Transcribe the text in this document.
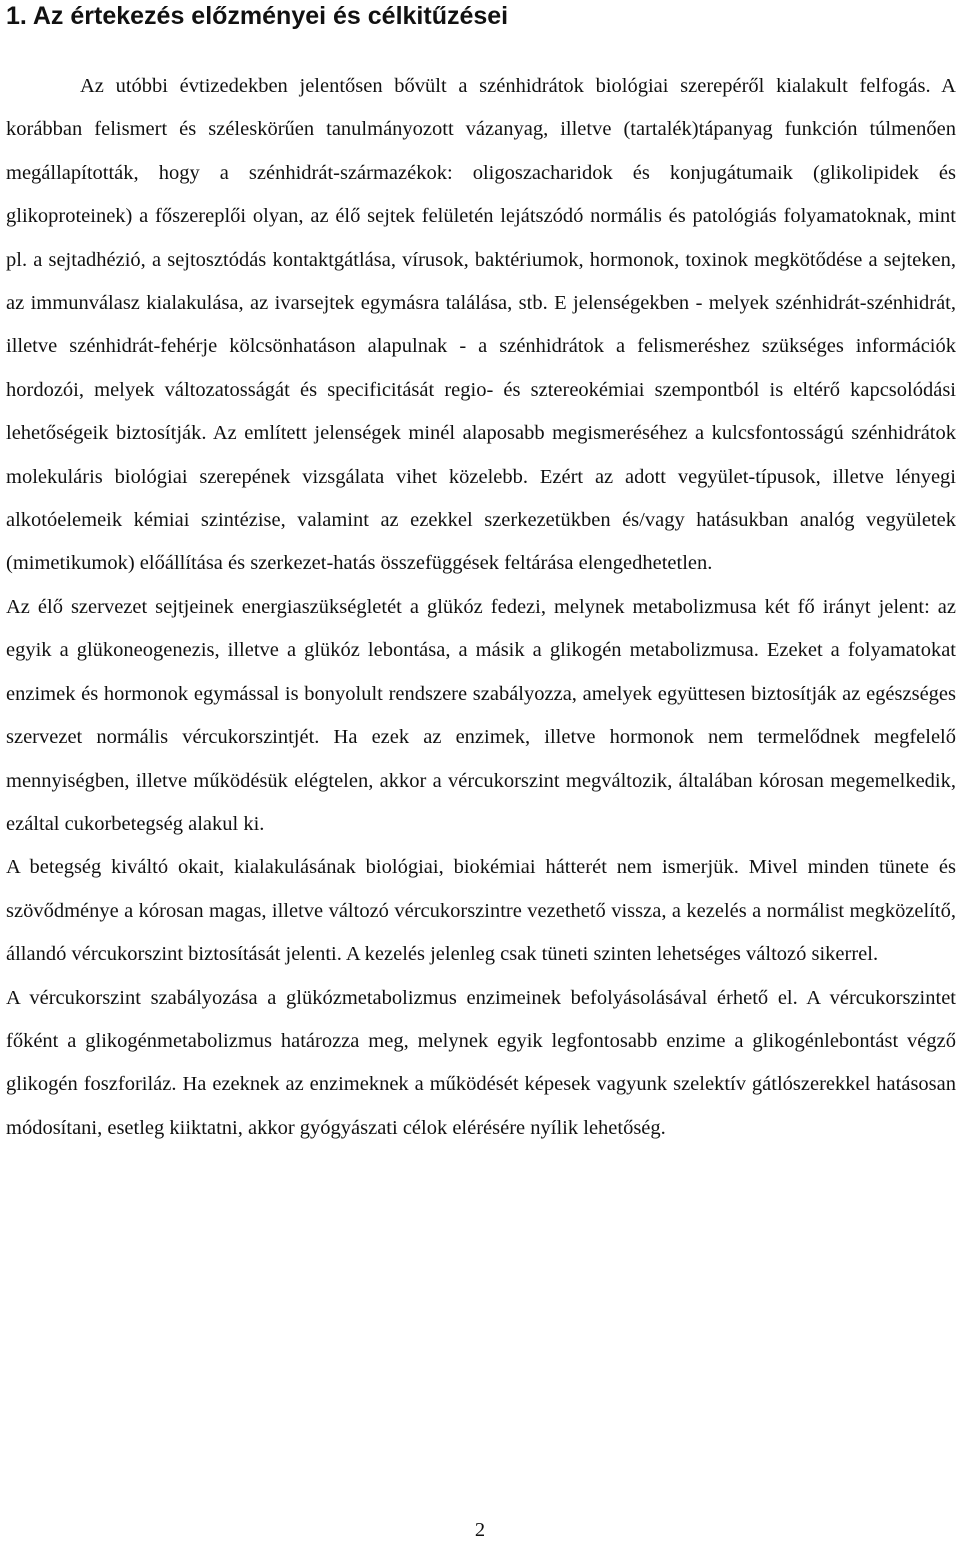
1. Az értekezés előzményei és célkitűzései

Az utóbbi évtizedekben jelentősen bővült a szénhidrátok biológiai szerepéről kialakult felfogás. A korábban felismert és széleskörűen tanulmányozott vázanyag, illetve (tartalék)tápanyag funkción túlmenően megállapították, hogy a szénhidrát-származékok: oligoszacharidok és konjugátumaik (glikolipidek és glikoproteinek) a főszereplői olyan, az élő sejtek felületén lejátszódó normális és patológiás folyamatoknak, mint pl. a sejtadhézió, a sejtosztódás kontaktgátlása, vírusok, baktériumok, hormonok, toxinok megkötődése a sejteken, az immunválasz kialakulása, az ivarsejtek egymásra találása, stb. E jelenségekben - melyek szénhidrát-szénhidrát, illetve szénhidrát-fehérje kölcsönhatáson alapulnak - a szénhidrátok a felismeréshez szükséges információk hordozói, melyek változatosságát és specificitását regio- és sztereokémiai szempontból is eltérő kapcsolódási lehetőségeik biztosítják. Az említett jelenségek minél alaposabb megismeréséhez a kulcsfontosságú szénhidrátok molekuláris biológiai szerepének vizsgálata vihet közelebb. Ezért az adott vegyület-típusok, illetve lényegi alkotóelemeik kémiai szintézise, valamint az ezekkel szerkezetükben és/vagy hatásukban analóg vegyületek (mimetikumok) előállítása és szerkezet-hatás összefüggések feltárása elengedhetetlen.

Az élő szervezet sejtjeinek energiaszükségletét a glükóz fedezi, melynek metabolizmusa két fő irányt jelent: az egyik a glükoneogenezis, illetve a glükóz lebontása, a másik a glikogén metabolizmusa. Ezeket a folyamatokat enzimek és hormonok egymással is bonyolult rendszere szabályozza, amelyek együttesen biztosítják az egészséges szervezet normális vércukorszintjét. Ha ezek az enzimek, illetve hormonok nem termelődnek megfelelő mennyiségben, illetve működésük elégtelen, akkor a vércukorszint megváltozik, általában kórosan megemelkedik, ezáltal cukorbetegség alakul ki.

A betegség kiváltó okait, kialakulásának biológiai, biokémiai hátterét nem ismerjük. Mivel minden tünete és szövődménye a kórosan magas, illetve változó vércukorszintre vezethető vissza, a kezelés a normálist megközelítő, állandó vércukorszint biztosítását jelenti. A kezelés jelenleg csak tüneti szinten lehetséges változó sikerrel.

A vércukorszint szabályozása a glükózmetabolizmus enzimeinek befolyásolásával érhető el. A vércukorszintet főként a glikogénmetabolizmus határozza meg, melynek egyik legfontosabb enzime a glikogénlebontást végző glikogén foszforiláz. Ha ezeknek az enzimeknek a működését képesek vagyunk szelektív gátlószerekkel hatásosan módosítani, esetleg kiiktatni, akkor gyógyászati célok elérésére nyílik lehetőség.

2
